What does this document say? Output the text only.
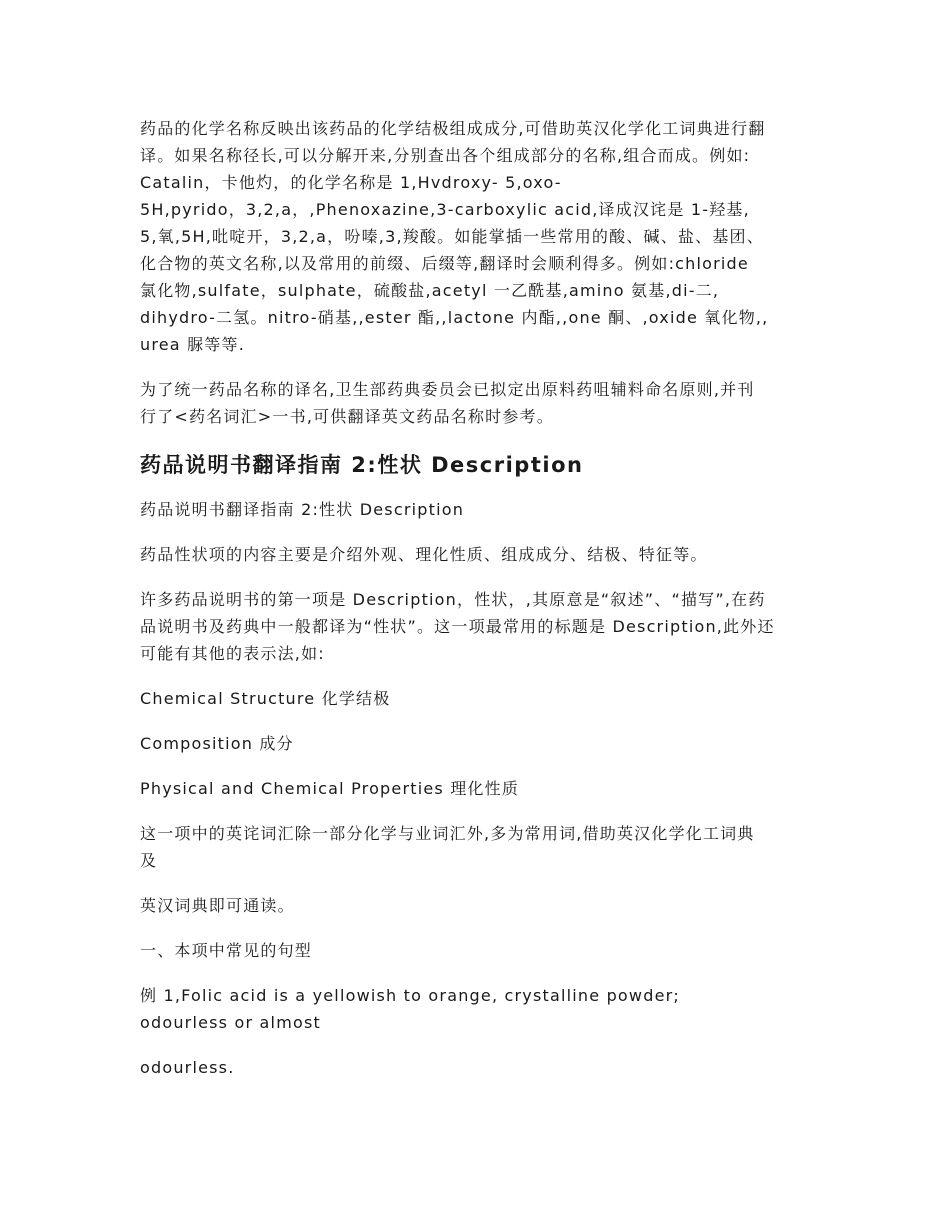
药品的化学名称反映出该药品的化学结极组成成分,可借助英汉化学化工词典进行翻
译。如果名称径长,可以分解开来,分别查出各个组成部分的名称,组合而成。例如:
Catalin，卡他灼，的化学名称是 1,Hvdroxy- 5,oxo-
5H,pyrido，3,2,a，,Phenoxazine,3-carboxylic acid,译成汉诧是 1-羟基,
5,氧,5H,吡啶开，3,2,a，吩嗪,3,羧酸。如能掌插一些常用的酸、碱、盐、基团、
化合物的英文名称,以及常用的前缀、后缀等,翻译时会顺利得多。例如:chloride
氯化物,sulfate，sulphate，硫酸盐,acetyl 一乙酰基,amino 氨基,di-二,
dihydro-二氢。nitro-硝基,,ester 酯,,lactone 内酯,,one 酮、,oxide 氧化物,,
urea 脲等等.

为了统一药品名称的译名,卫生部药典委员会已拟定出原料药咀辅料命名原则,并刊
行了<药名词汇>一书,可供翻译英文药品名称时参考。

药品说明书翻译指南 2:性状 Description

药品说明书翻译指南 2:性状 Description

药品性状项的内容主要是介绍外观、理化性质、组成成分、结极、特征等。

许多药品说明书的第一项是 Description，性状，,其原意是“叙述”、“描写”,在药
品说明书及药典中一般都译为“性状”。这一项最常用的标题是 Description,此外还
可能有其他的表示法,如:

Chemical Structure 化学结极

Composition 成分

Physical and Chemical Properties 理化性质

这一项中的英诧词汇除一部分化学与业词汇外,多为常用词,借助英汉化学化工词典
及

英汉词典即可通读。

一、本项中常见的句型

例 1,Folic acid is a yellowish to orange, crystalline powder;
odourless or almost

odourless.
